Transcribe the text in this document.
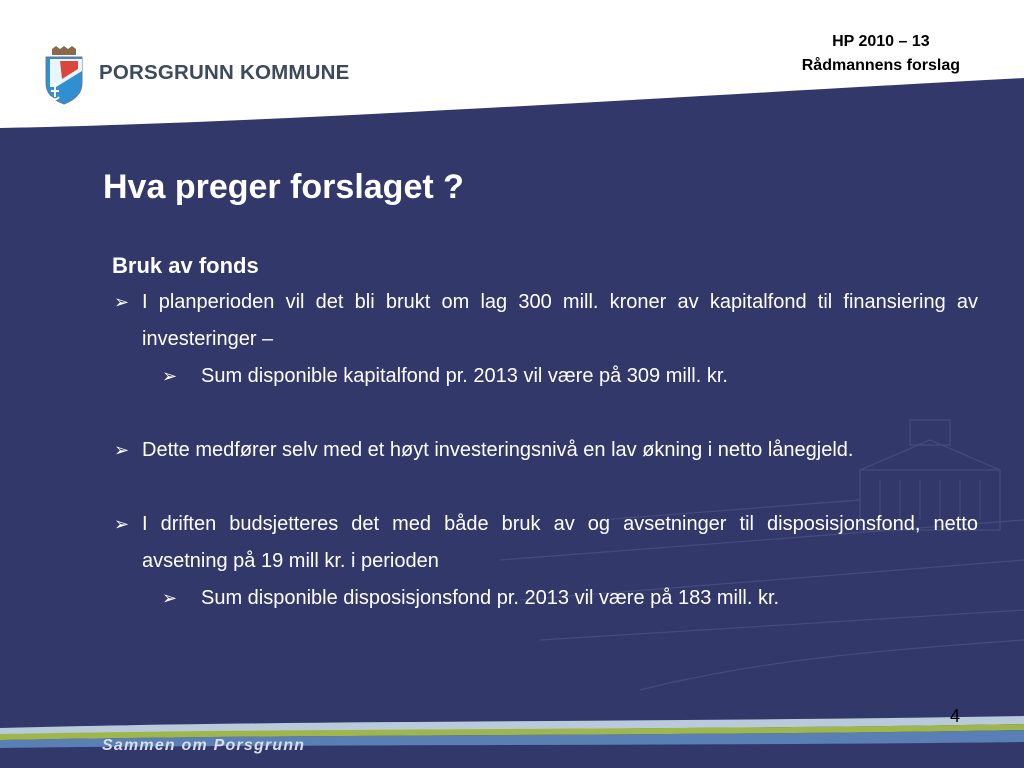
PORSGRUNN KOMMUNE
HP 2010 – 13
Rådmannens forslag
Hva preger forslaget ?
Bruk av fonds
➢ I planperioden vil det bli brukt om lag 300 mill. kroner av kapitalfond til finansiering av investeringer –
➢ Sum disponible kapitalfond pr. 2013 vil være på 309 mill. kr.
➢ Dette medfører selv med et høyt investeringsnivå en lav økning i netto lånegjeld.
➢ I driften budsjetteres det med både bruk av og avsetninger til disposisjonsfond, netto avsetning på 19 mill kr. i perioden
➢ Sum disponible disposisjonsfond pr. 2013 vil være på 183 mill. kr.
4
Sammen om Porsgrunn
